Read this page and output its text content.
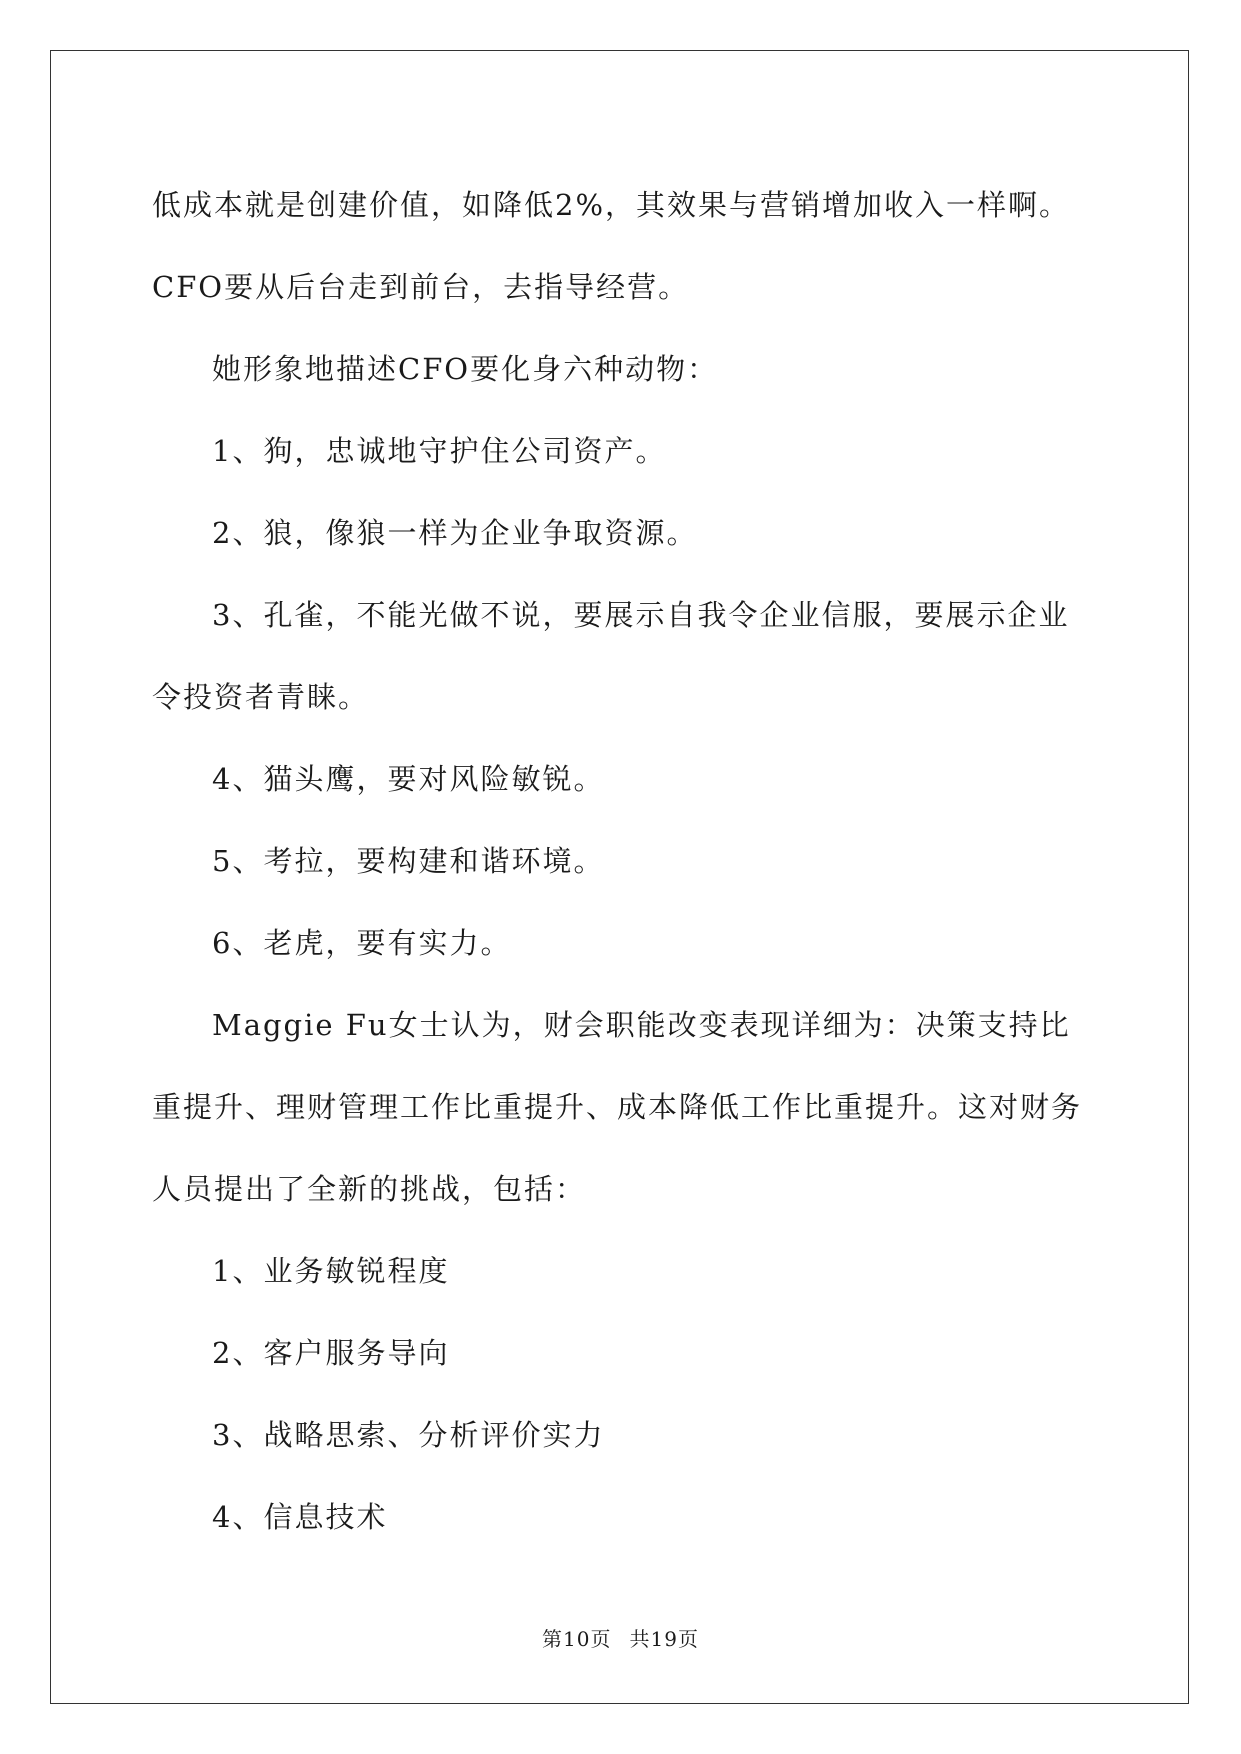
低成本就是创建价值，如降低2%，其效果与营销增加收入一样啊。CFO要从后台走到前台，去指导经营。

她形象地描述CFO要化身六种动物：

1、狗，忠诚地守护住公司资产。

2、狼，像狼一样为企业争取资源。

3、孔雀，不能光做不说，要展示自我令企业信服，要展示企业令投资者青睐。

4、猫头鹰，要对风险敏锐。

5、考拉，要构建和谐环境。

6、老虎，要有实力。

Maggie Fu女士认为，财会职能改变表现详细为：决策支持比重提升、理财管理工作比重提升、成本降低工作比重提升。这对财务人员提出了全新的挑战，包括：

1、业务敏锐程度

2、客户服务导向

3、战略思索、分析评价实力

4、信息技术

第10页 共19页
